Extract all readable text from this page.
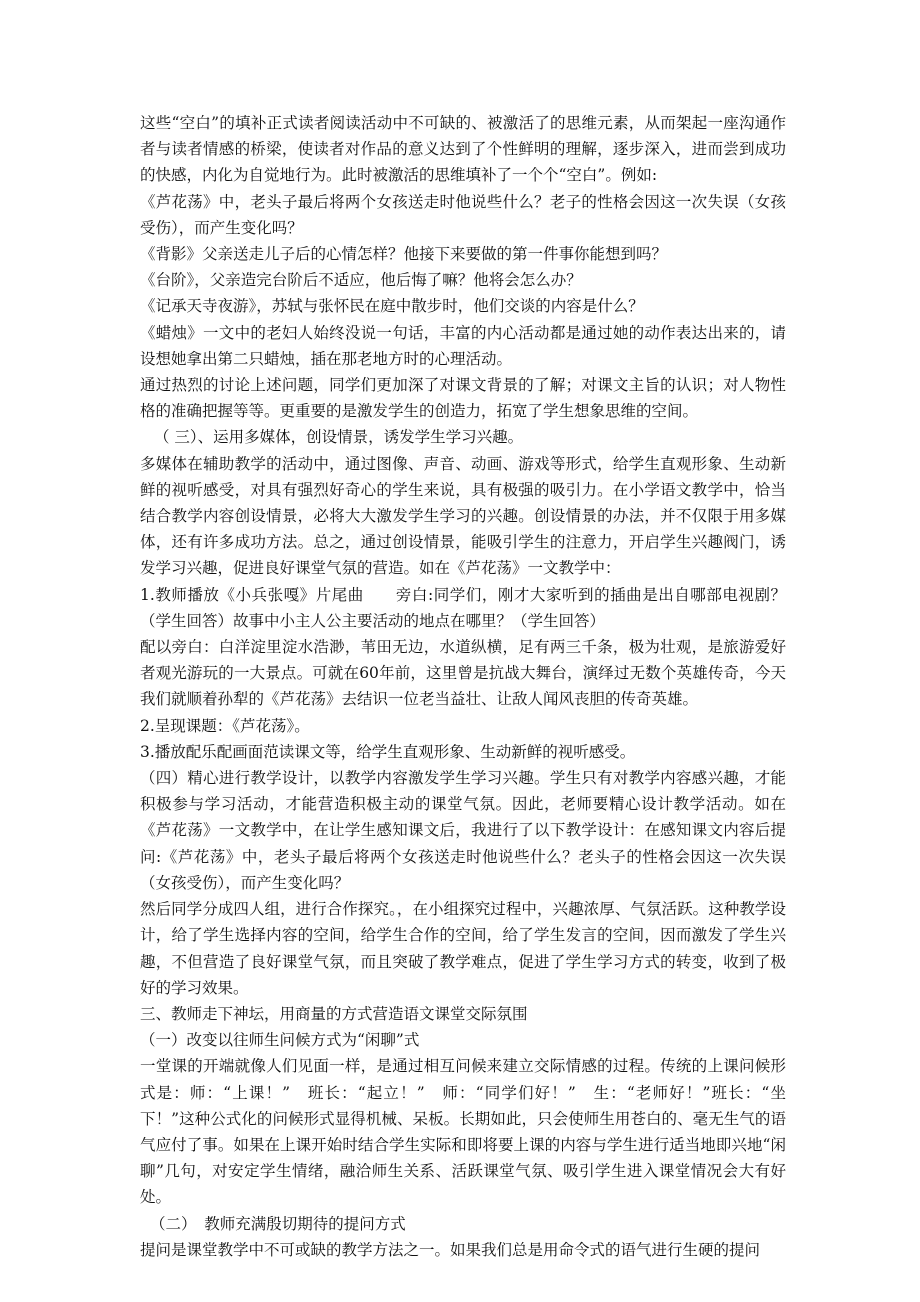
这些“空白”的填补正式读者阅读活动中不可缺的、被激活了的思维元素，从而架起一座沟通作者与读者情感的桥梁，使读者对作品的意义达到了个性鲜明的理解，逐步深入，进而尝到成功的快感，内化为自觉地行为。此时被激活的思维填补了一个个“空白”。例如:

《芦花荡》中，老头子最后将两个女孩送走时他说些什么？老子的性格会因这一次失误（女孩受伤），而产生变化吗？

《背影》父亲送走儿子后的心情怎样？他接下来要做的第一件事你能想到吗？

《台阶》，父亲造完台阶后不适应，他后悔了嘛？他将会怎么办？

《记承天寺夜游》，苏轼与张怀民在庭中散步时，他们交谈的内容是什么？

《蜡烛》一文中的老妇人始终没说一句话，丰富的内心活动都是通过她的动作表达出来的，请设想她拿出第二只蜡烛，插在那老地方时的心理活动。

通过热烈的讨论上述问题，同学们更加深了对课文背景的了解；对课文主旨的认识；对人物性格的准确把握等等。更重要的是激发学生的创造力，拓宽了学生想象思维的空间。

（ 三）、运用多媒体，创设情景，诱发学生学习兴趣。

多媒体在辅助教学的活动中，通过图像、声音、动画、游戏等形式，给学生直观形象、生动新鲜的视听感受，对具有强烈好奇心的学生来说，具有极强的吸引力。在小学语文教学中，恰当结合教学内容创设情景，必将大大激发学生学习的兴趣。创设情景的办法，并不仅限于用多媒体，还有许多成功方法。总之，通过创设情景，能吸引学生的注意力，开启学生兴趣阀门，诱发学习兴趣，促进良好课堂气氛的营造。如在《芦花荡》一文教学中：

1.教师播放《小兵张嘎》片尾曲　　旁白:同学们，刚才大家听到的插曲是出自哪部电视剧？（学生回答）故事中小主人公主要活动的地点在哪里？（学生回答）

配以旁白：白洋淀里淀水浩渺，苇田无边，水道纵横，足有两三千条，极为壮观，是旅游爱好者观光游玩的一大景点。可就在60年前，这里曾是抗战大舞台，演绎过无数个英雄传奇，今天我们就顺着孙犁的《芦花荡》去结识一位老当益壮、让敌人闻风丧胆的传奇英雄。

2.呈现课题：《芦花荡》。

3.播放配乐配画面范读课文等，给学生直观形象、生动新鲜的视听感受。

（四）精心进行教学设计，以教学内容激发学生学习兴趣。学生只有对教学内容感兴趣，才能积极参与学习活动，才能营造积极主动的课堂气氛。因此，老师要精心设计教学活动。如在《芦花荡》一文教学中，在让学生感知课文后，我进行了以下教学设计：在感知课文内容后提问:《芦花荡》中，老头子最后将两个女孩送走时他说些什么？老头子的性格会因这一次失误（女孩受伤），而产生变化吗？

然后同学分成四人组，进行合作探究。，在小组探究过程中，兴趣浓厚、气氛活跃。这种教学设计，给了学生选择内容的空间，给学生合作的空间，给了学生发言的空间，因而激发了学生兴趣，不但营造了良好课堂气氛，而且突破了教学难点，促进了学生学习方式的转变，收到了极好的学习效果。

三、教师走下神坛，用商量的方式营造语文课堂交际氛围

（一）改变以往师生问候方式为“闲聊”式

一堂课的开端就像人们见面一样，是通过相互问候来建立交际情感的过程。传统的上课问候形式是：师：“上课！”　班长：“起立！”　师：“同学们好！”　生：“老师好！”班长：“坐下！”这种公式化的问候形式显得机械、呆板。长期如此，只会使师生用苍白的、毫无生气的语气应付了事。如果在上课开始时结合学生实际和即将要上课的内容与学生进行适当地即兴地“闲聊”几句，对安定学生情绪，融洽师生关系、活跃课堂气氛、吸引学生进入课堂情况会大有好处。

（二）　教师充满殷切期待的提问方式

提问是课堂教学中不可或缺的教学方法之一。如果我们总是用命令式的语气进行生硬的提问
